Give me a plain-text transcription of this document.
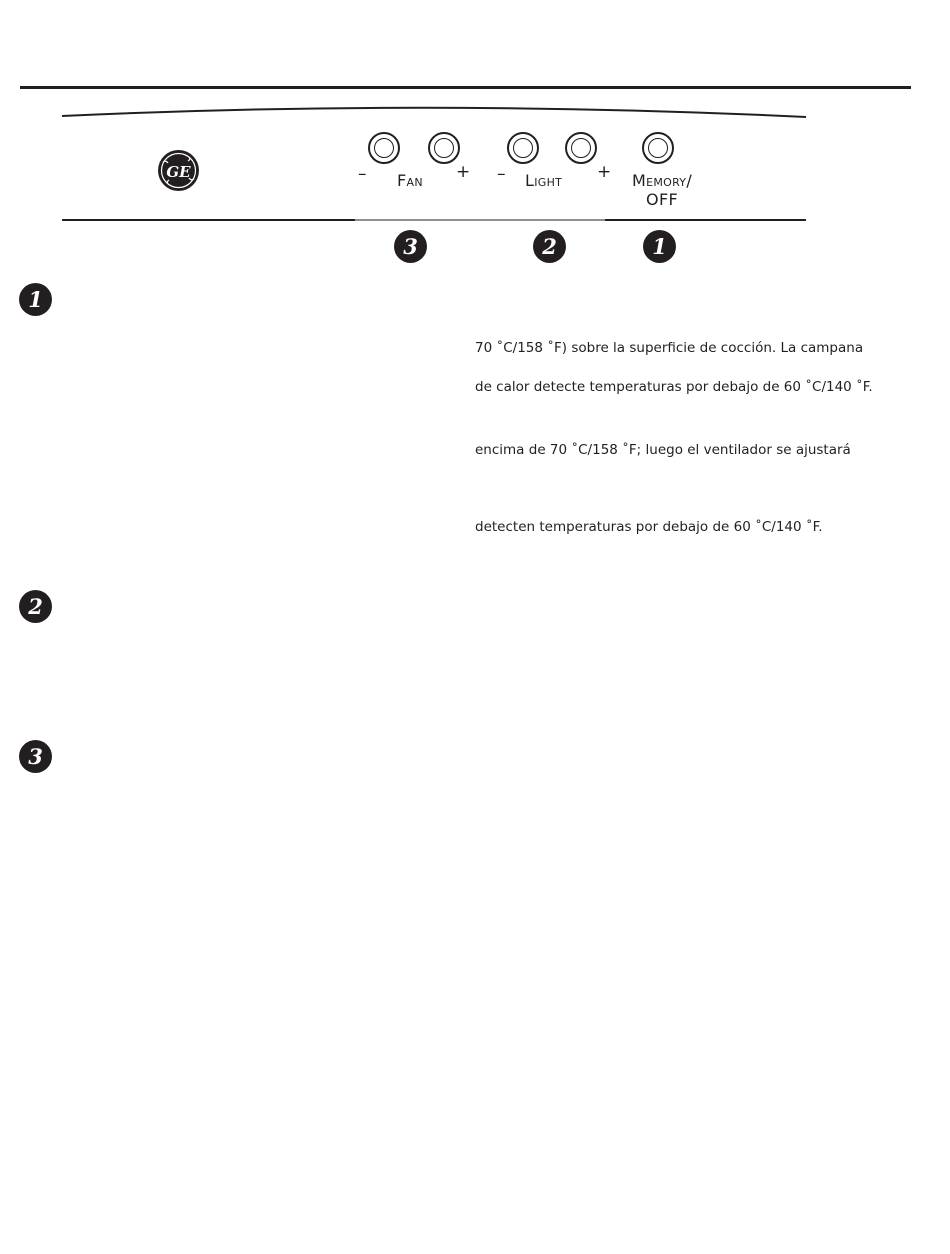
GE	– Fan + – Light +	Memory/
OFF
3	2	1
1
2
3
70 ˚C/158 ˚F) sobre la superficie de cocción. La campana
de calor detecte temperaturas por debajo de 60 ˚C/140 ˚F.
encima de 70 ˚C/158 ˚F; luego el ventilador se ajustará
detecten temperaturas por debajo de 60 ˚C/140 ˚F.
